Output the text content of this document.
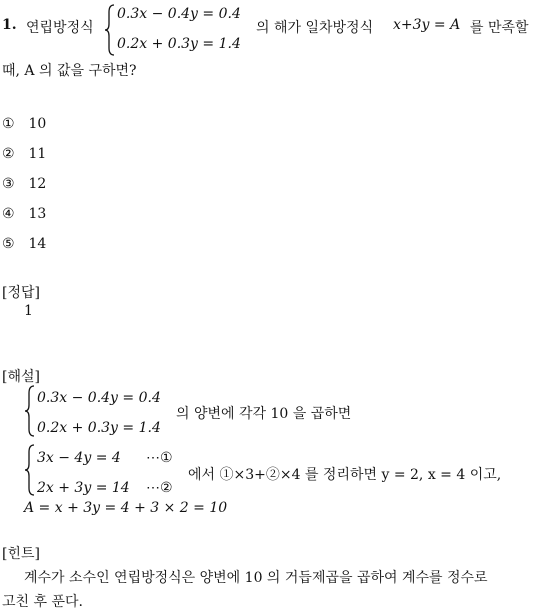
1. 연립방정식
0.3x − 0.4y = 0.4
0.2x + 0.3y = 1.4
의 해가 일차방정식 x+3y = A 를 만족할
때, A 의 값을 구하면?
① 10
② 11
③ 12
④ 13
⑤ 14
[정답]
1
[해설]
0.3x − 0.4y = 0.4
0.2x + 0.3y = 1.4
의 양변에 각각 10 을 곱하면
3x − 4y = 4
2x + 3y = 14
⋯①
⋯②
에서 ①×3+②×4 를 정리하면 y = 2, x = 4 이고,
A = x + 3y = 4 + 3 × 2 = 10
[힌트]
계수가 소수인 연립방정식은 양변에 10 의 거듭제곱을 곱하여 계수를 정수로
고친 후 푼다.
